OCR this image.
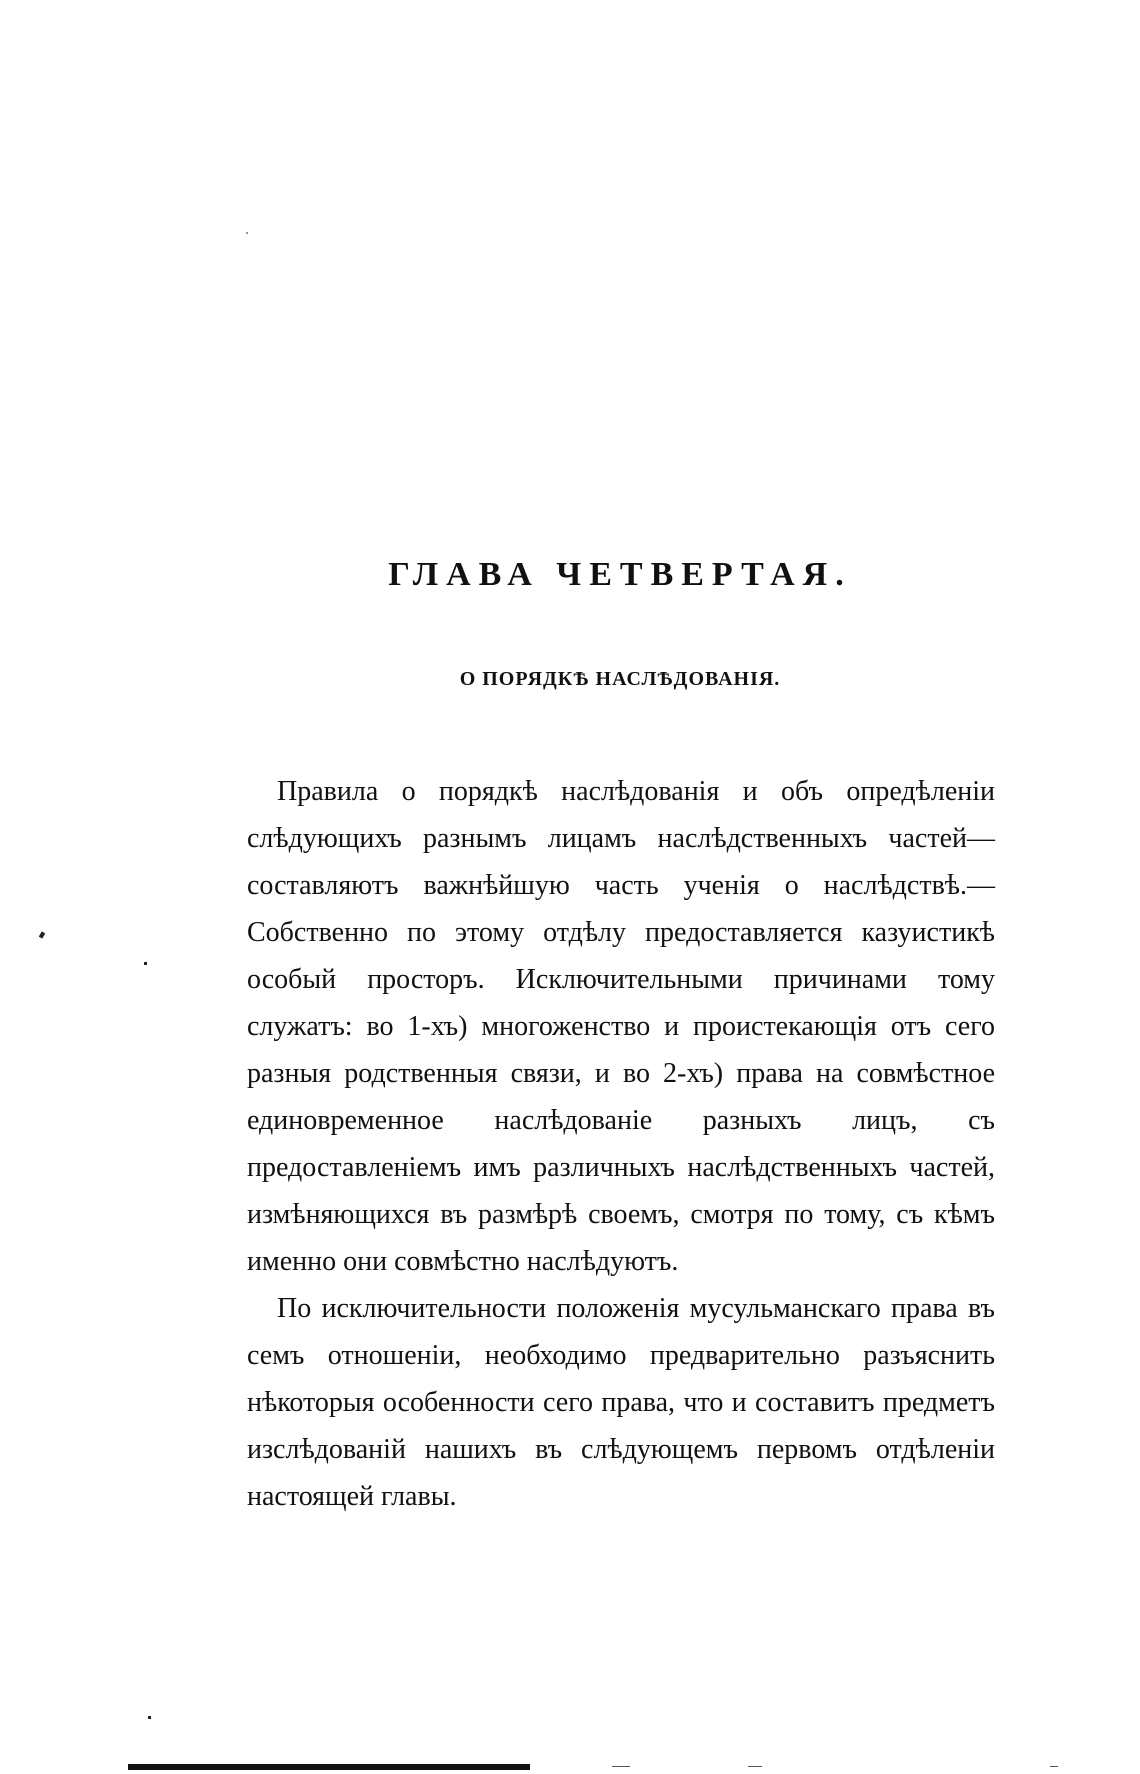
ГЛАВА ЧЕТВЕРТАЯ.
О ПОРЯДКѢ НАСЛѢДОВАНІЯ.

Правила о порядкѣ наслѣдованія и объ опредѣленіи слѣдующихъ разнымъ лицамъ наслѣдственныхъ частей—составляютъ важнѣйшую часть ученія о наслѣдствѣ.—Собственно по этому отдѣлу предоставляется казуистикѣ особый просторъ. Исключительными причинами тому служатъ: во 1-хъ) многоженство и проистекающія отъ сего разныя родственныя связи, и во 2-хъ) права на совмѣстное единовременное наслѣдованіе разныхъ лицъ, съ предоставленіемъ имъ различныхъ наслѣдственныхъ частей, измѣняющихся въ размѣрѣ своемъ, смотря по тому, съ кѣмъ именно они совмѣстно наслѣдуютъ.

По исключительности положенія мусульманскаго права въ семъ отношеніи, необходимо предварительно разъяснить нѣкоторыя особенности сего права, что и составитъ предметъ изслѣдованій нашихъ въ слѣдующемъ первомъ отдѣленіи настоящей главы.
